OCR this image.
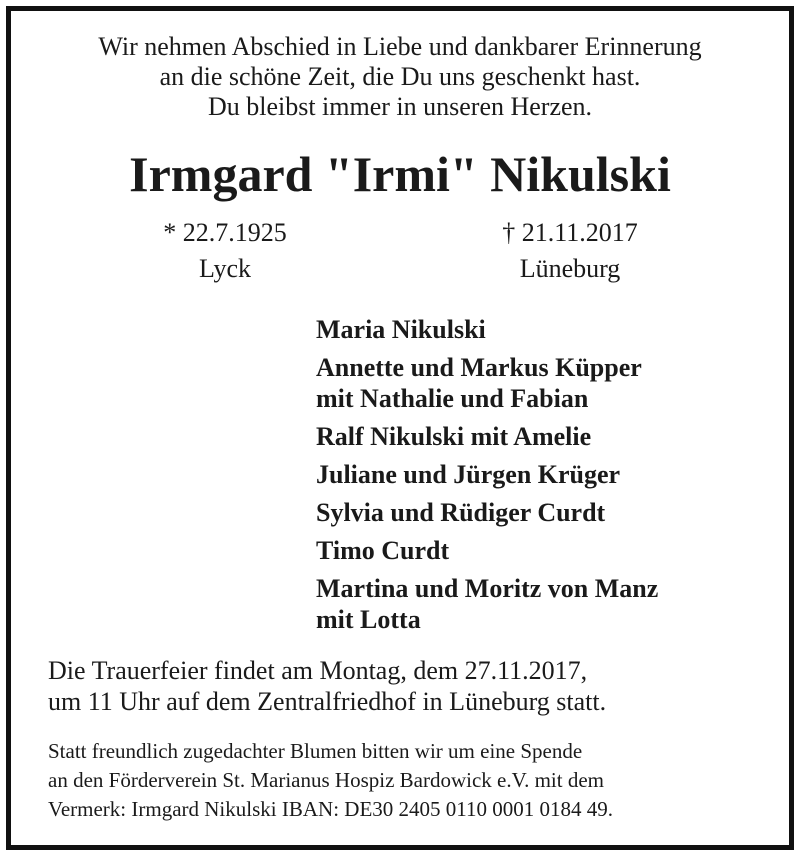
Wir nehmen Abschied in Liebe und dankbarer Erinnerung
an die schöne Zeit, die Du uns geschenkt hast.
Du bleibst immer in unseren Herzen.
Irmgard "Irmi" Nikulski
* 22.7.1925
Lyck
† 21.11.2017
Lüneburg
Maria Nikulski
Annette und Markus Küpper
mit Nathalie und Fabian
Ralf Nikulski mit Amelie
Juliane und Jürgen Krüger
Sylvia und Rüdiger Curdt
Timo Curdt
Martina und Moritz von Manz
mit Lotta
Die Trauerfeier findet am Montag, dem 27.11.2017,
um 11 Uhr auf dem Zentralfriedhof in Lüneburg statt.
Statt freundlich zugedachter Blumen bitten wir um eine Spende
an den Förderverein St. Marianus Hospiz Bardowick e.V. mit dem
Vermerk: Irmgard Nikulski IBAN: DE30 2405 0110 0001 0184 49.
